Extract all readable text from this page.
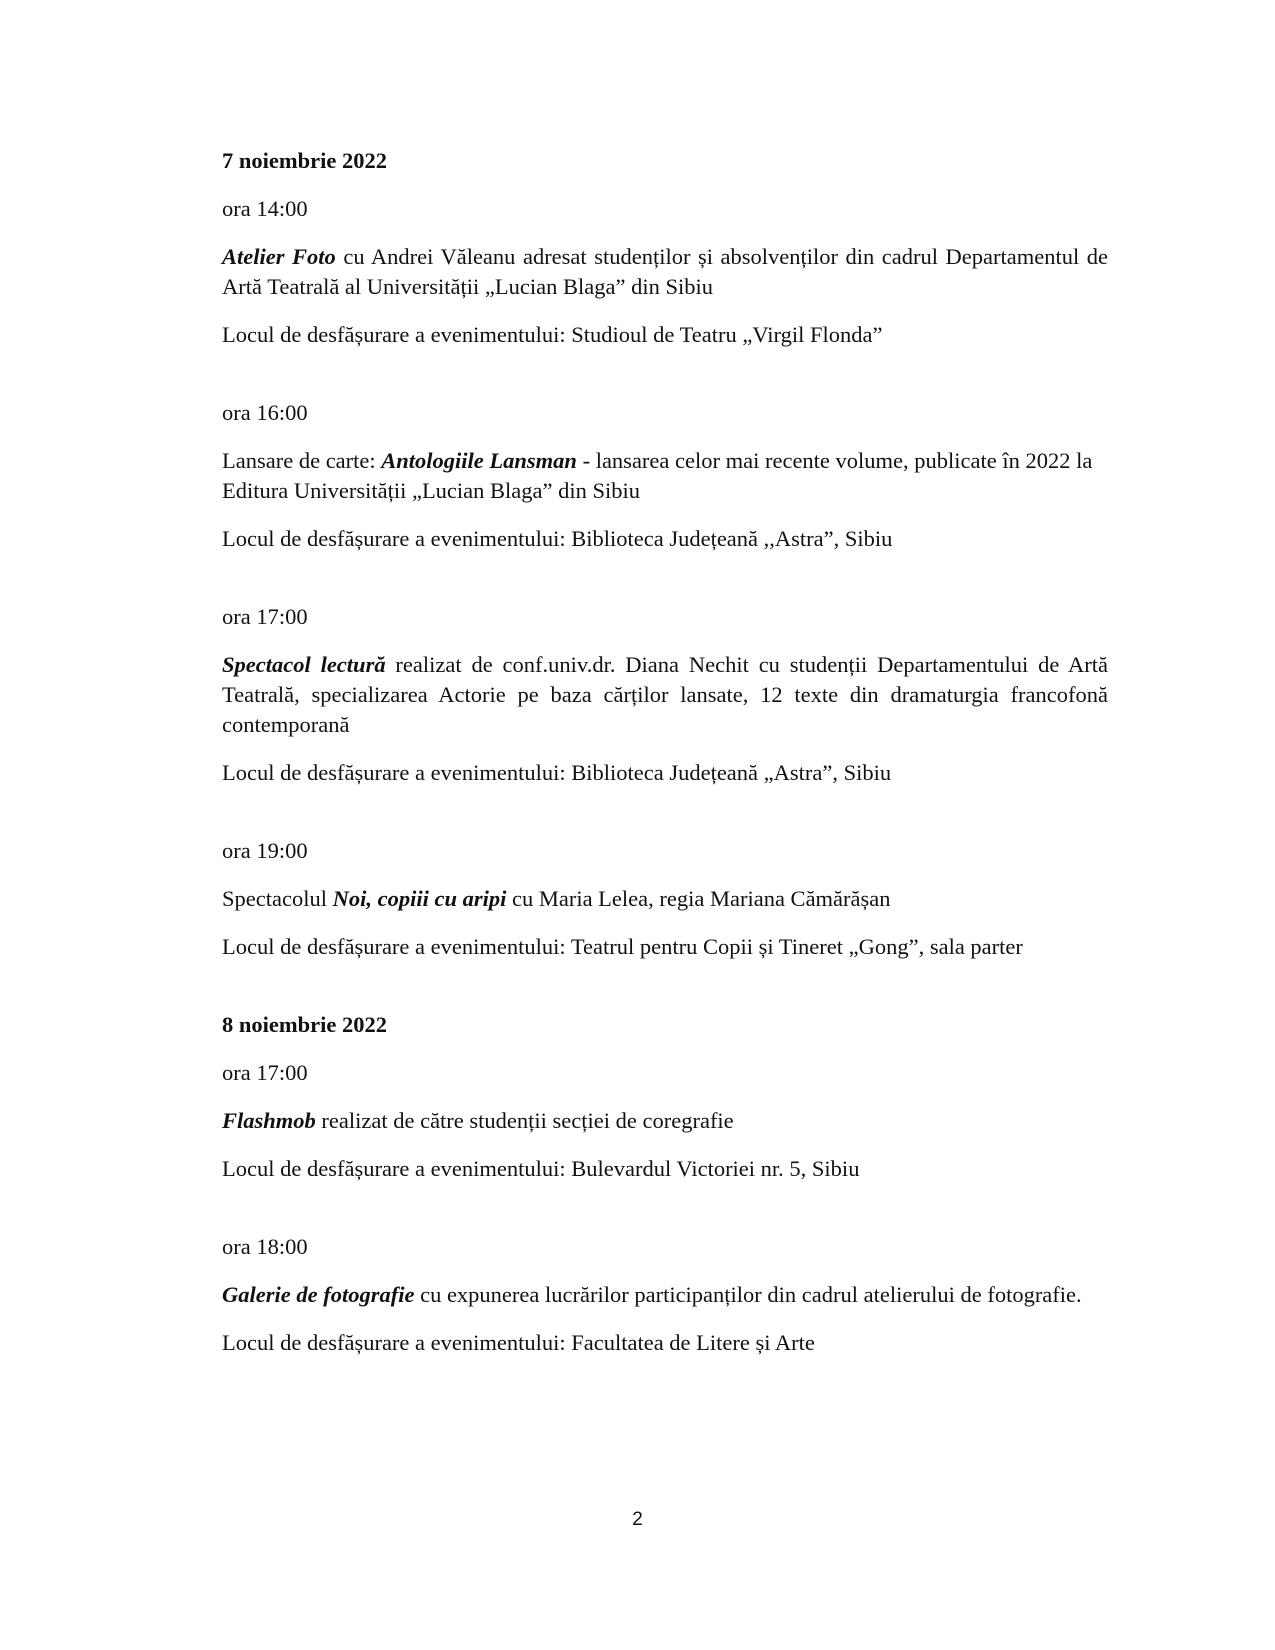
7 noiembrie 2022

ora 14:00

Atelier Foto cu Andrei Văleanu adresat studenților și absolvenților din cadrul Departamentul de Artă Teatrală al Universității „Lucian Blaga” din Sibiu

Locul de desfășurare a evenimentului: Studioul de Teatru „Virgil Flonda”

ora 16:00

Lansare de carte: Antologiile Lansman - lansarea celor mai recente volume, publicate în 2022 la Editura Universității „Lucian Blaga” din Sibiu

Locul de desfășurare a evenimentului: Biblioteca Județeană ,,Astra”, Sibiu

ora 17:00

Spectacol lectură realizat de conf.univ.dr. Diana Nechit cu studenții Departamentului de Artă Teatrală, specializarea Actorie pe baza cărților lansate, 12 texte din dramaturgia francofonă contemporană

Locul de desfășurare a evenimentului: Biblioteca Județeană „Astra”, Sibiu

ora 19:00

Spectacolul Noi, copiii cu aripi cu Maria Lelea, regia Mariana Cămărășan

Locul de desfășurare a evenimentului: Teatrul pentru Copii și Tineret „Gong”, sala parter

8 noiembrie 2022

ora 17:00

Flashmob realizat de către studenții secției de coregrafie

Locul de desfășurare a evenimentului: Bulevardul Victoriei nr. 5, Sibiu

ora 18:00

Galerie de fotografie cu expunerea lucrărilor participanților din cadrul atelierului de fotografie.

Locul de desfășurare a evenimentului: Facultatea de Litere și Arte

2
